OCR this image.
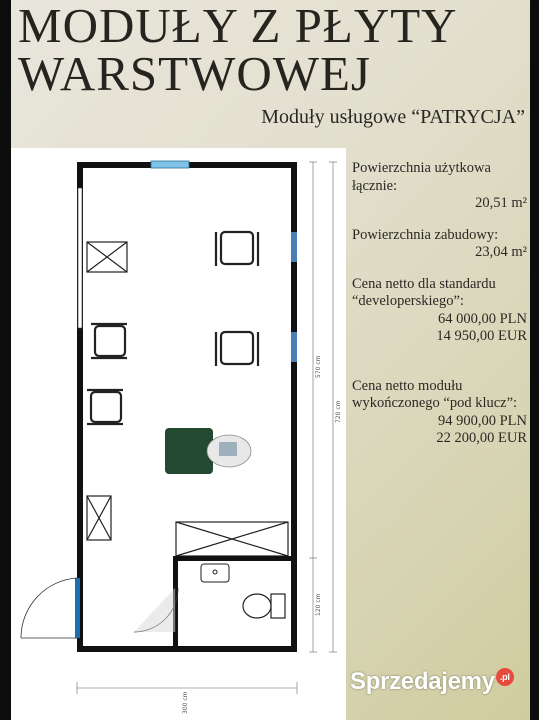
MODUŁY Z PŁYTY
WARSTWOWEJ
Moduły usługowe “PATRYCJA”
570 cm
720 cm
120 cm
300 cm
Powierzchnia użytkowa łącznie:
20,51 m²
Powierzchnia zabudowy:
23,04 m²
Cena netto dla standardu “developerskiego”:
64 000,00 PLN
14 950,00 EUR
Cena netto modułu wykończonego “pod klucz”:
94 900,00 PLN
22 200,00 EUR
Sprzedajemy .pl
